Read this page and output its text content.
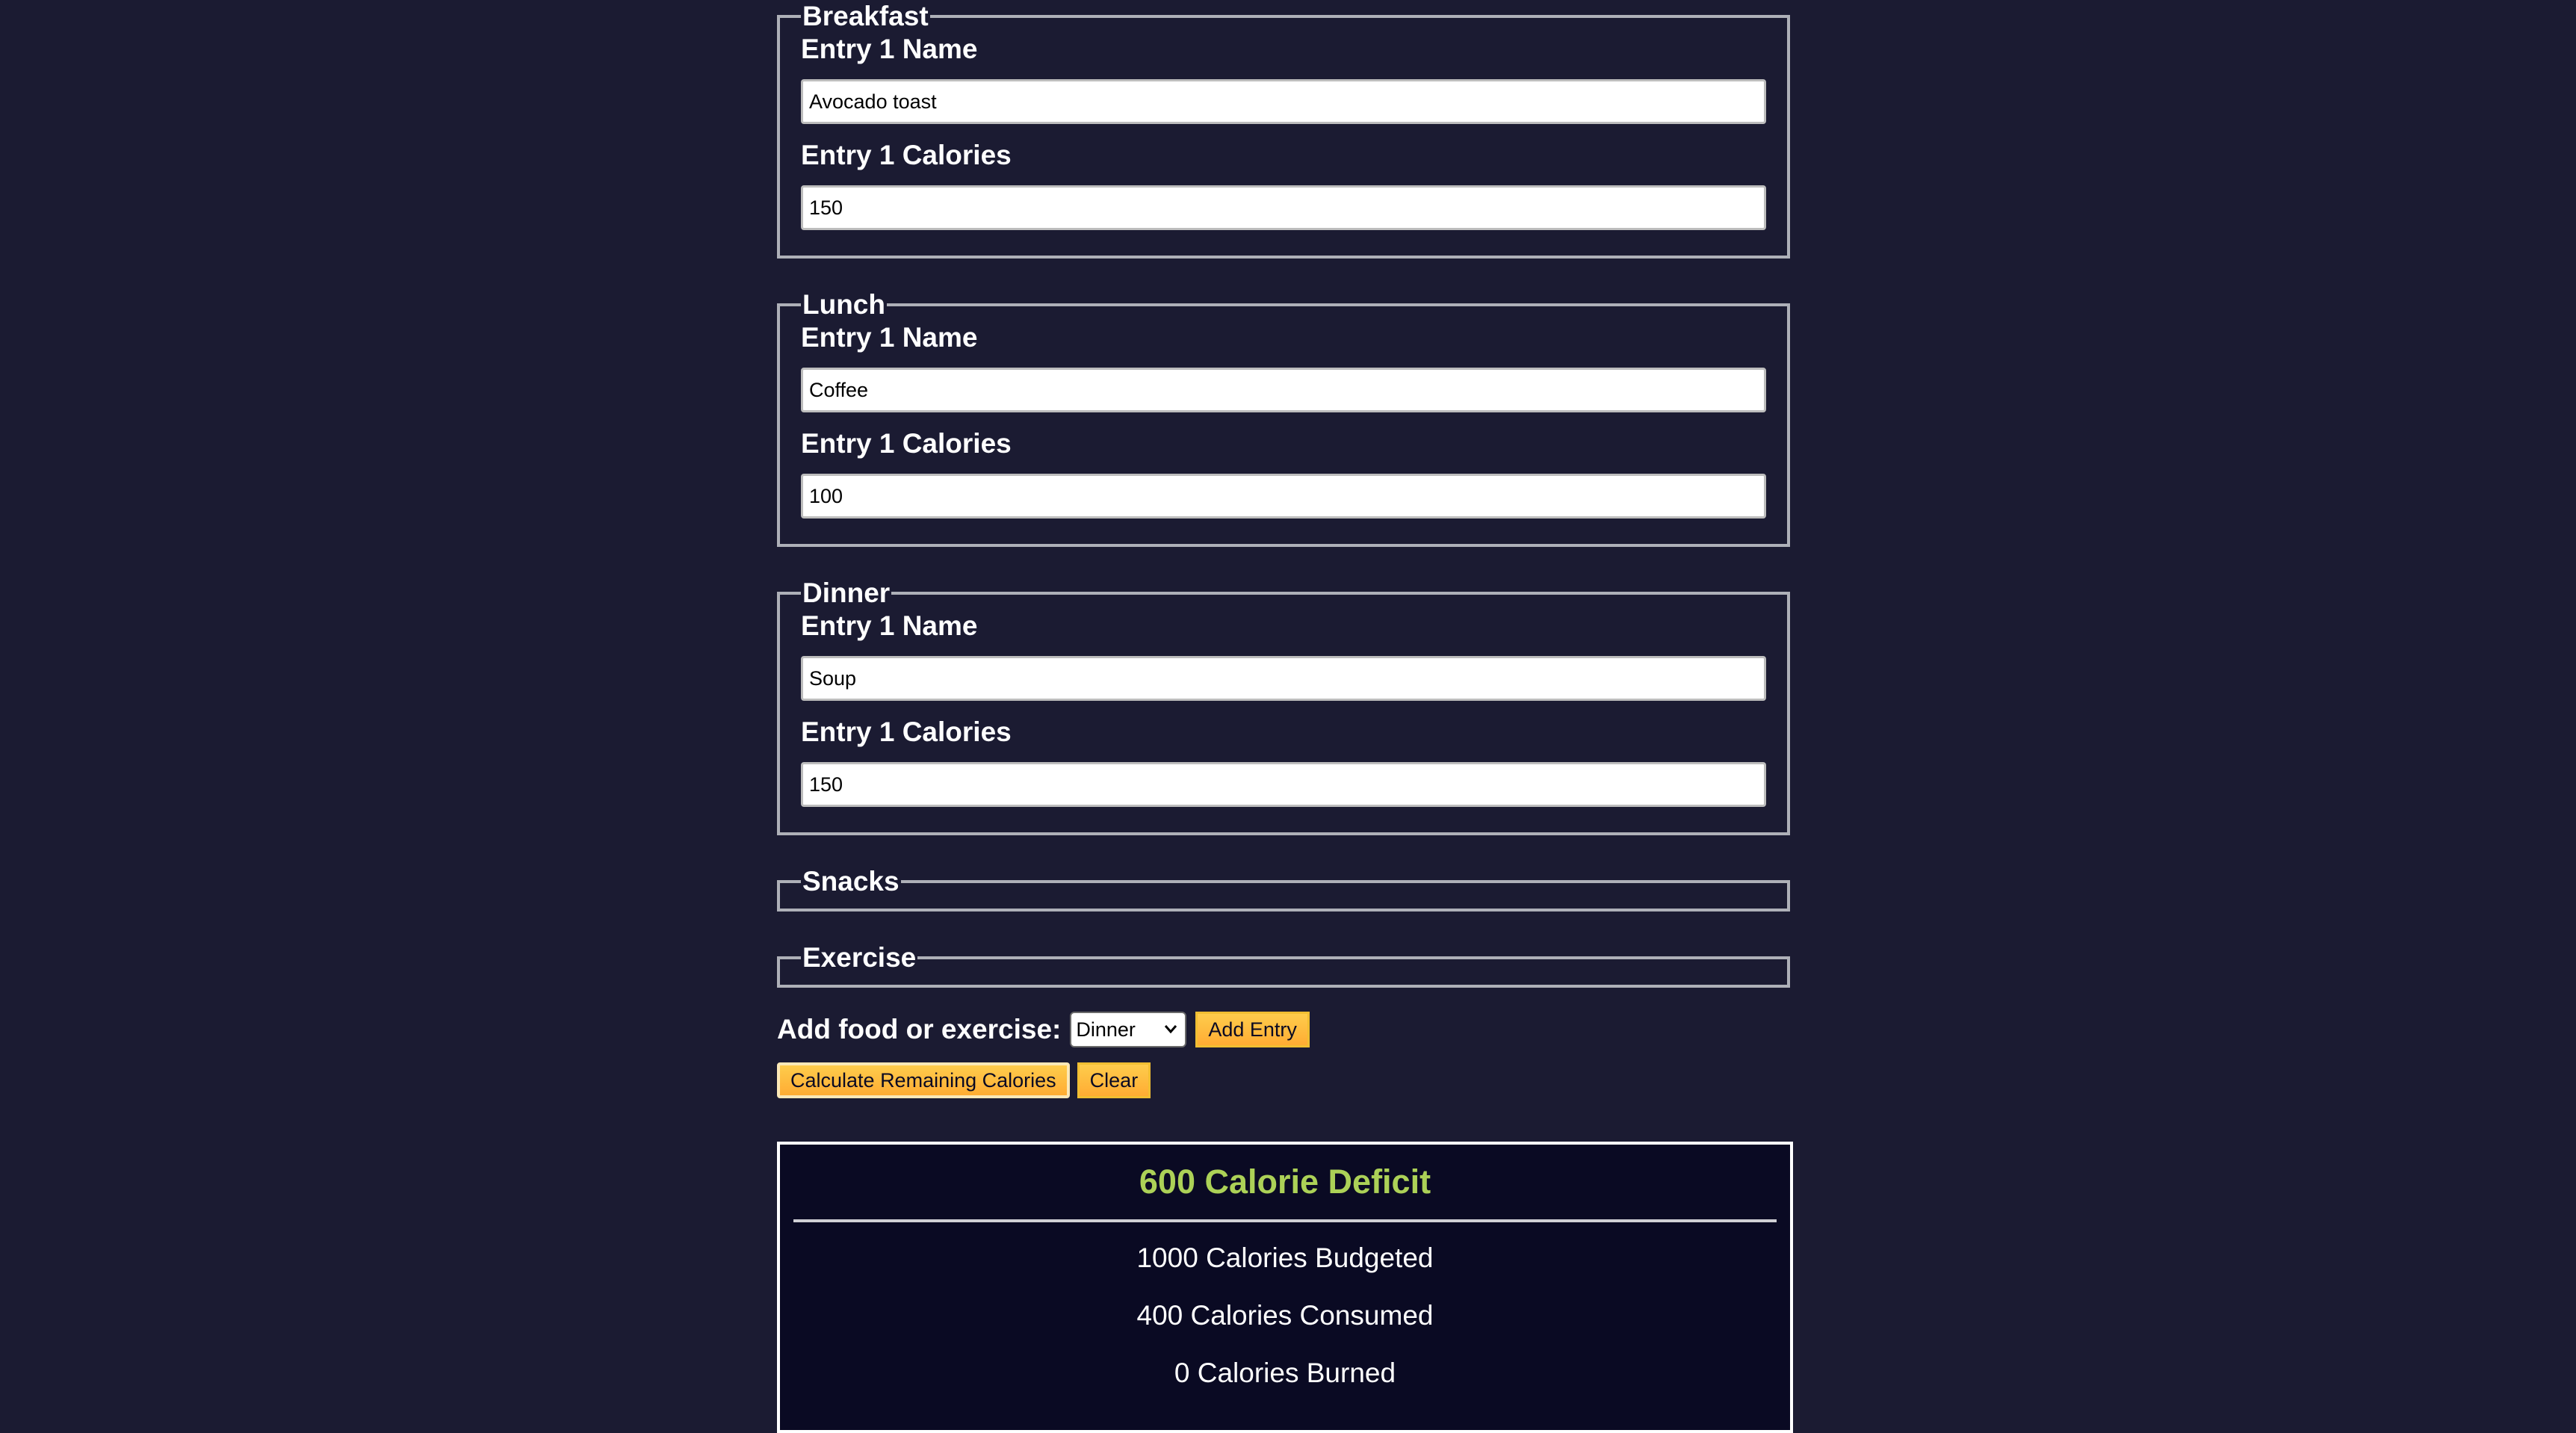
Breakfast
Entry 1 Name
Avocado toast
Entry 1 Calories
150
Lunch
Entry 1 Name
Coffee
Entry 1 Calories
100
Dinner
Entry 1 Name
Soup
Entry 1 Calories
150
Snacks
Exercise
Add food or exercise: Dinner	Add Entry
Calculate Remaining Calories	Clear
600 Calorie Deficit

1000 Calories Budgeted

400 Calories Consumed

0 Calories Burned
